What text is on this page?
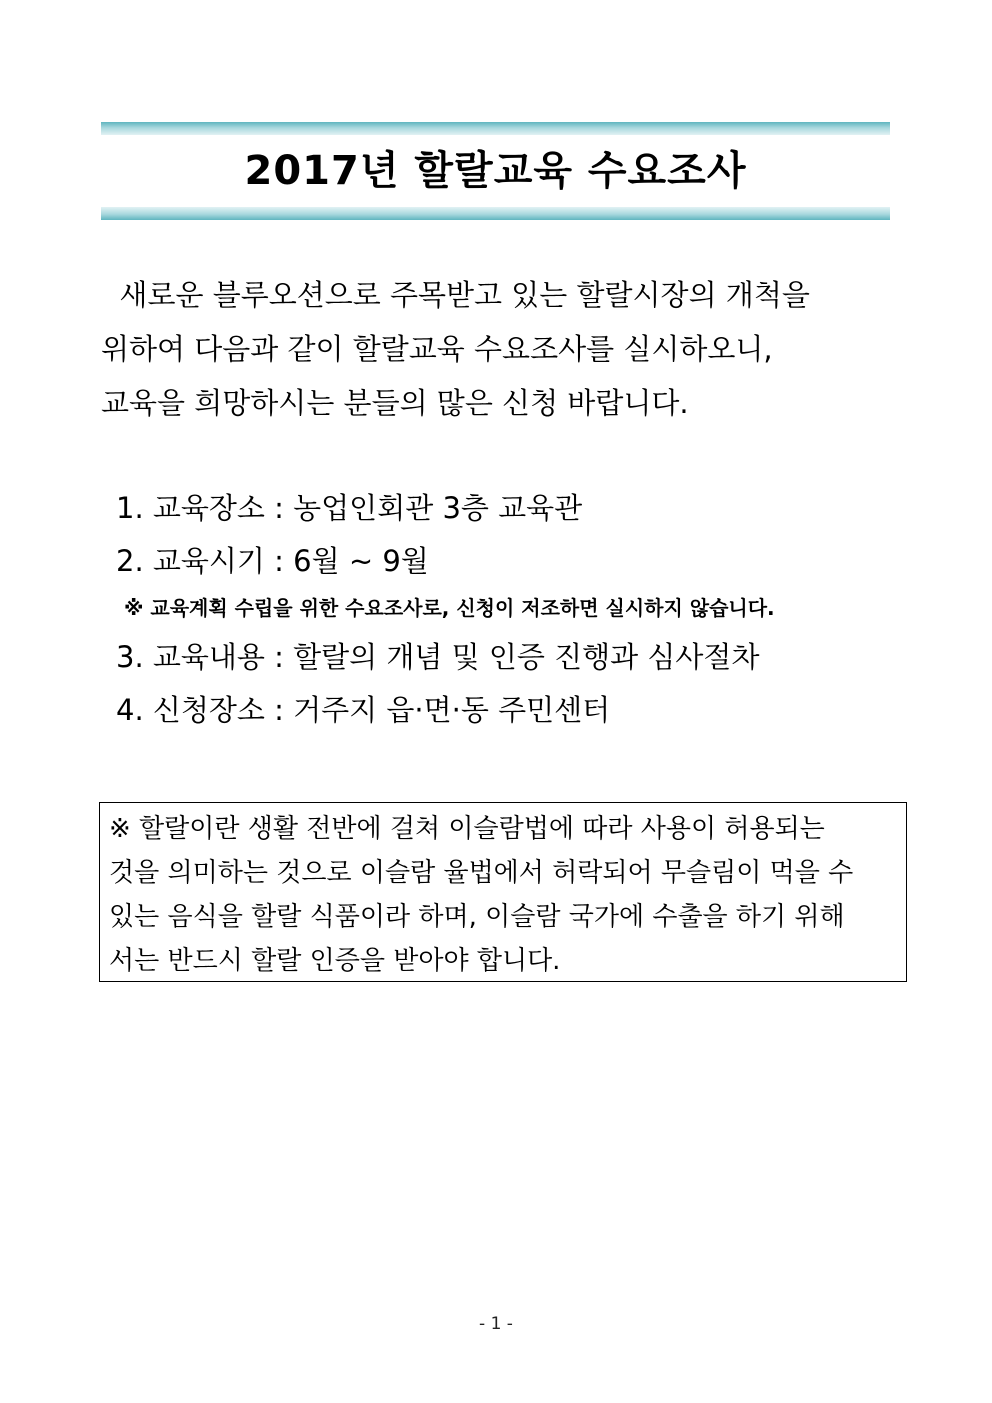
2017년 할랄교육 수요조사
새로운 블루오션으로 주목받고 있는 할랄시장의 개척을
위하여 다음과 같이 할랄교육 수요조사를 실시하오니,
교육을 희망하시는 분들의 많은 신청 바랍니다.
1. 교육장소 : 농업인회관 3층 교육관
2. 교육시기 : 6월 ~ 9월
※ 교육계획 수립을 위한 수요조사로, 신청이 저조하면 실시하지 않습니다.
3. 교육내용 : 할랄의 개념 및 인증 진행과 심사절차
4. 신청장소 : 거주지 읍·면·동 주민센터
※ 할랄이란 생활 전반에 걸쳐 이슬람법에 따라 사용이 허용되는
것을 의미하는 것으로 이슬람 율법에서 허락되어 무슬림이 먹을 수
있는 음식을 할랄 식품이라 하며, 이슬람 국가에 수출을 하기 위해
서는 반드시 할랄 인증을 받아야 합니다.
- 1 -
